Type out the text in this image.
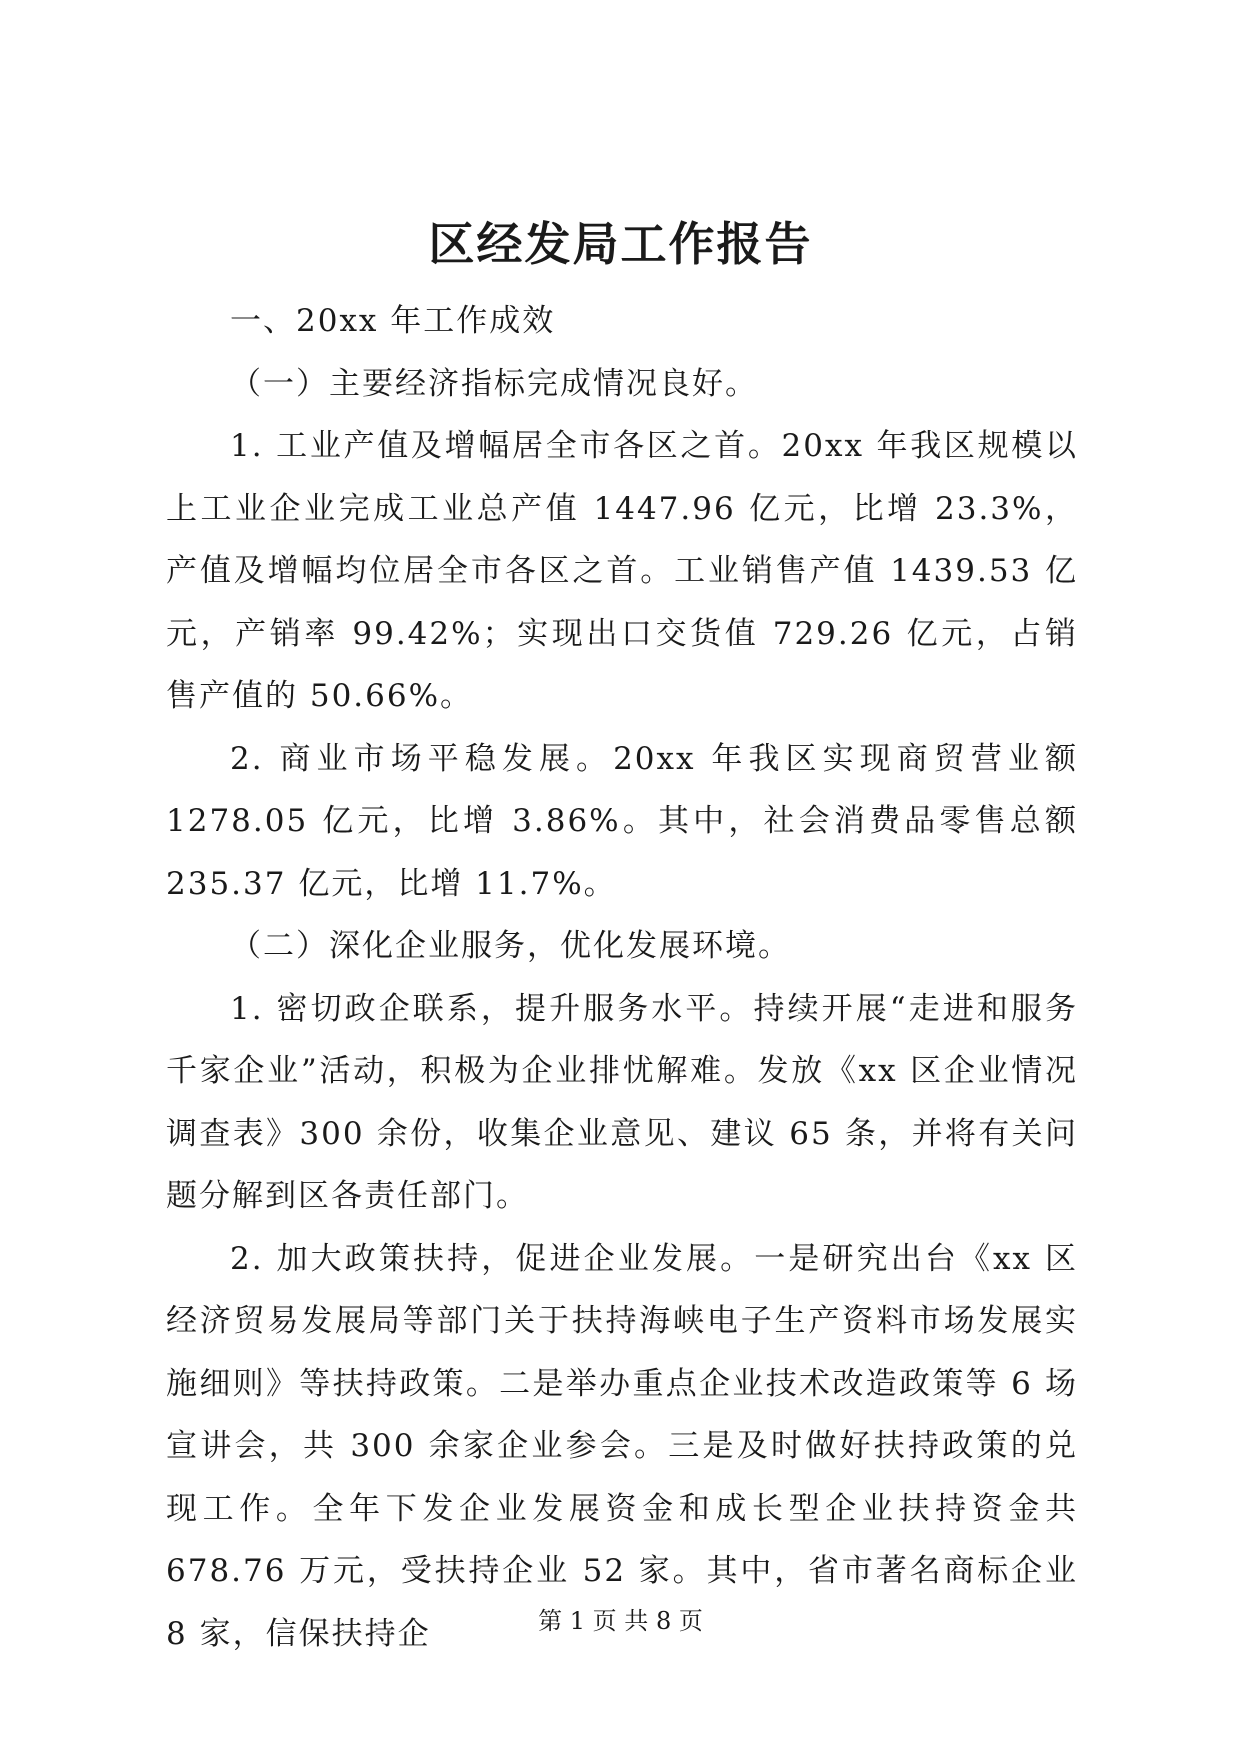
区经发局工作报告

一、20xx 年工作成效

（一）主要经济指标完成情况良好。

1. 工业产值及增幅居全市各区之首。20xx 年我区规模以上工业企业完成工业总产值 1447.96 亿元，比增 23.3%，产值及增幅均位居全市各区之首。工业销售产值 1439.53 亿元，产销率 99.42%；实现出口交货值 729.26 亿元，占销售产值的 50.66%。

2. 商业市场平稳发展。20xx 年我区实现商贸营业额 1278.05 亿元，比增 3.86%。其中，社会消费品零售总额 235.37 亿元，比增 11.7%。

（二）深化企业服务，优化发展环境。

1. 密切政企联系，提升服务水平。持续开展“走进和服务千家企业”活动，积极为企业排忧解难。发放《xx 区企业情况调查表》300 余份，收集企业意见、建议 65 条，并将有关问题分解到区各责任部门。

2. 加大政策扶持，促进企业发展。一是研究出台《xx 区经济贸易发展局等部门关于扶持海峡电子生产资料市场发展实施细则》等扶持政策。二是举办重点企业技术改造政策等 6 场宣讲会，共 300 余家企业参会。三是及时做好扶持政策的兑现工作。全年下发企业发展资金和成长型企业扶持资金共 678.76 万元，受扶持企业 52 家。其中，省市著名商标企业 8 家，信保扶持企	第 1 页 共 8 页
